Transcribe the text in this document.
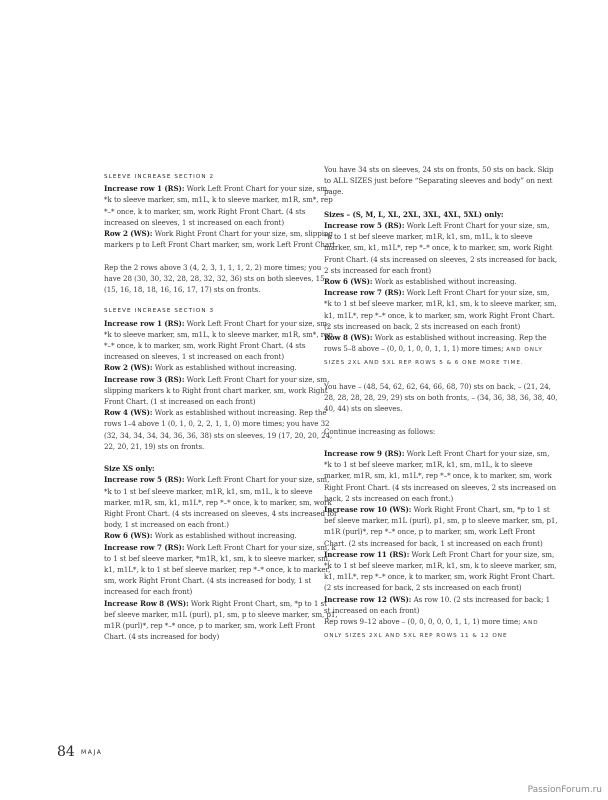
SLEEVE INCREASE SECTION 2

Increase row 1 (RS): Work Left Front Chart for your size, sm, *k to sleeve marker, sm, m1L, k to sleeve marker, m1R, sm*, rep *–* once, k to marker, sm, work Right Front Chart. (4 sts increased on sleeves, 1 st increased on each front)

Row 2 (WS): Work Right Front Chart for your size, sm, slipping markers p to Left Front Chart marker, sm, work Left Front Chart.

Rep the 2 rows above 3 (4, 2, 3, 1, 1, 1, 2, 2) more times; you have 28 (30, 30, 32, 28, 28, 32, 32, 36) sts on both sleeves, 15 (15, 16, 18, 18, 16, 16, 17, 17) sts on fronts.

SLEEVE INCREASE SECTION 3

Increase row 1 (RS): Work Left Front Chart for your size, sm, *k to sleeve marker, sm, m1L, k to sleeve marker, m1R, sm*, rep *–* once, k to marker, sm, work Right Front Chart. (4 sts increased on sleeves, 1 st increased on each front)

Row 2 (WS): Work as established without increasing.

Increase row 3 (RS): Work Left Front Chart for your size, sm, slipping markers k to Right front chart marker, sm, work Right Front Chart. (1 st increased on each front)

Row 4 (WS): Work as established without increasing. Rep the rows 1–4 above 1 (0, 1, 0, 2, 2, 1, 1, 0) more times; you have 32 (32, 34, 34, 34, 34, 36, 36, 38) sts on sleeves, 19 (17, 20, 20, 24, 22, 20, 21, 19) sts on fronts.

Size XS only:

Increase row 5 (RS): Work Left Front Chart for your size, sm, *k to 1 st bef sleeve marker, m1R, k1, sm, m1L, k to sleeve marker, m1R, sm, k1, m1L*, rep *–* once, k to marker, sm, work Right Front Chart. (4 sts increased on sleeves, 4 sts increased for body, 1 st increased on each front.)

Row 6 (WS): Work as established without increasing.

Increase row 7 (RS): Work Left Front Chart for your size, sm, k to 1 st bef sleeve marker, *m1R, k1, sm, k to sleeve marker, sm, k1, m1L*, k to 1 st bef sleeve marker, rep *–* once, k to marker, sm, work Right Front Chart. (4 sts increased for body, 1 st increased for each front)

Increase Row 8 (WS): Work Right Front Chart, sm, *p to 1 st bef sleeve marker, m1L (purl), p1, sm, p to sleeve marker, sm, p1, m1R (purl)*, rep *–* once, p to marker, sm, work Left Front Chart. (4 sts increased for body)

You have 34 sts on sleeves, 24 sts on fronts, 50 sts on back. Skip to ALL SIZES just before “Separating sleeves and body” on next page.

Sizes – (S, M, L, XL, 2XL, 3XL, 4XL, 5XL) only:

Increase row 5 (RS): Work Left Front Chart for your size, sm, *k to 1 st bef sleeve marker, m1R, k1, sm, m1L, k to sleeve marker, sm, k1, m1L*, rep *–* once, k to marker, sm, work Right Front Chart. (4 sts increased on sleeves, 2 sts increased for back, 2 sts increased for each front)

Row 6 (WS): Work as established without increasing.

Increase row 7 (RS): Work Left Front Chart for your size, sm, *k to 1 st bef sleeve marker, m1R, k1, sm, k to sleeve marker, sm, k1, m1L*, rep *–* once, k to marker, sm, work Right Front Chart. (2 sts increased on back, 2 sts increased on each front)

Row 8 (WS): Work as established without increasing. Rep the rows 5–8 above – (0, 0, 1, 0, 0, 1, 1, 1) more times; AND ONLY SIZES 2XL AND 5XL REP ROWS 5 & 6 ONE MORE TIME.

You have – (48, 54, 62, 62, 64, 66, 68, 70) sts on back, – (21, 24, 28, 28, 28, 28, 29, 29) sts on both fronts, – (34, 36, 38, 36, 38, 40, 40, 44) sts on sleeves.

Continue increasing as follows:

Increase row 9 (RS): Work Left Front Chart for your size, sm, *k to 1 st bef sleeve marker, m1R, k1, sm, m1L, k to sleeve marker, m1R, sm, k1, m1L*, rep *–* once, k to marker, sm, work Right Front Chart. (4 sts increased on sleeves, 2 sts increased on back, 2 sts increased on each front.)

Increase row 10 (WS): Work Right Front Chart, sm, *p to 1 st bef sleeve marker, m1L (purl), p1, sm, p to sleeve marker, sm, p1, m1R (purl)*, rep *–* once, p to marker, sm, work Left Front Chart. (2 sts increased for back, 1 st increased on each front)

Increase row 11 (RS): Work Left Front Chart for your size, sm, *k to 1 st bef sleeve marker, m1R, k1, sm, k to sleeve marker, sm, k1, m1L*, rep *–* once, k to marker, sm, work Right Front Chart. (2 sts increased for back, 2 sts increased on each front)

Increase row 12 (WS): As row 10. (2 sts increased for back; 1 st increased on each front)

Rep rows 9–12 above – (0, 0, 0, 0, 0, 1, 1, 1) more time; AND ONLY SIZES 2XL AND 5XL REP ROWS 11 & 12 ONE

84 MAJA
PassionForum.ru
